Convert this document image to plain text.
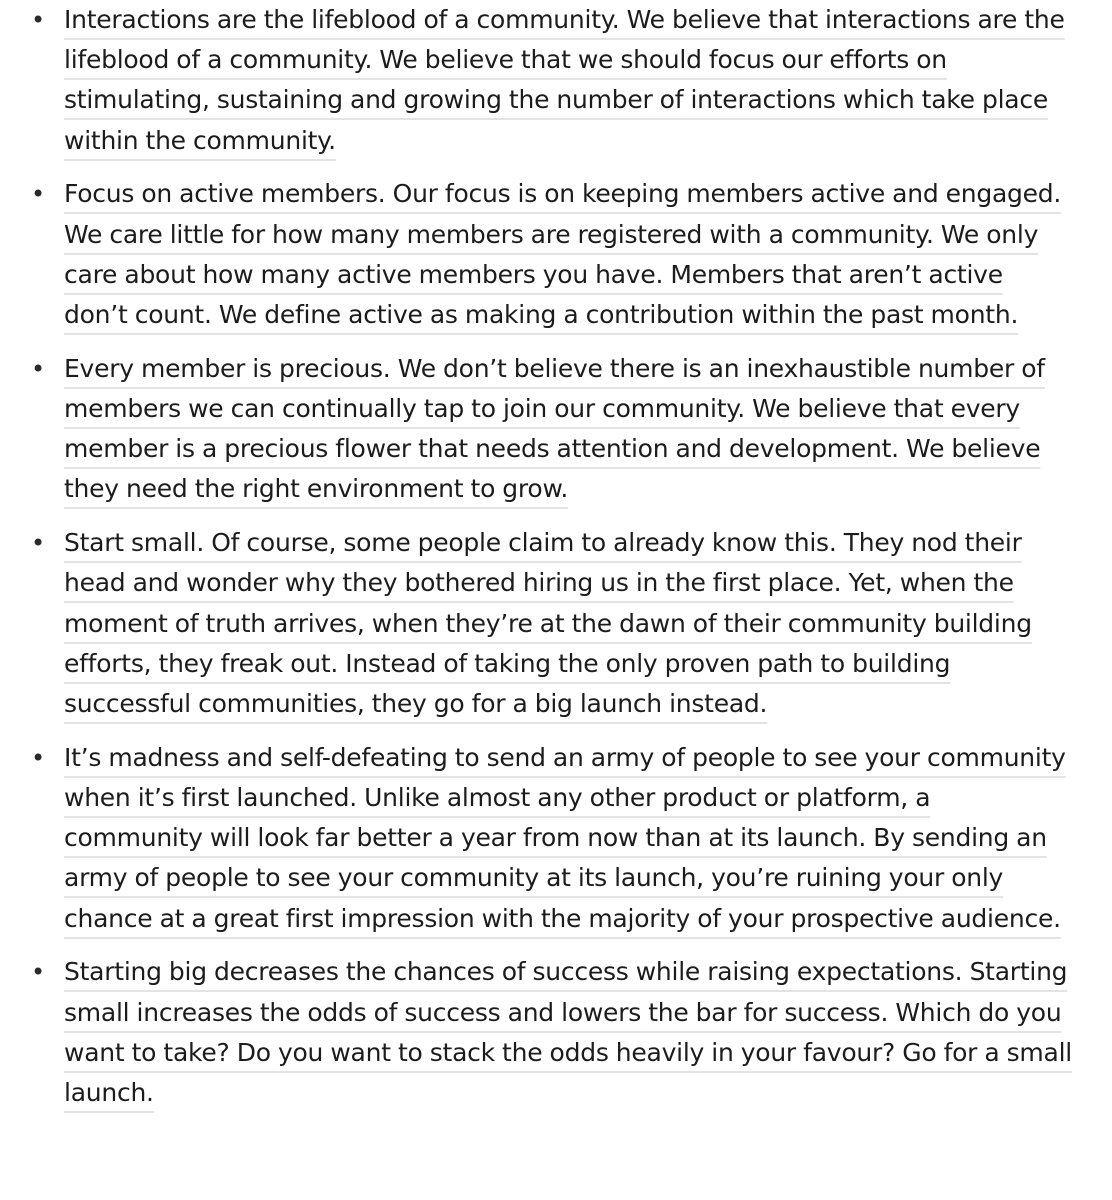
• Interactions are the lifeblood of a community. We believe that interactions are the lifeblood of a community. We believe that we should focus our efforts on stimulating, sustaining and growing the number of interactions which take place within the community.
• Focus on active members. Our focus is on keeping members active and engaged. We care little for how many members are registered with a community. We only care about how many active members you have. Members that aren’t active don’t count. We define active as making a contribution within the past month.
• Every member is precious. We don’t believe there is an inexhaustible number of members we can continually tap to join our community. We believe that every member is a precious flower that needs attention and development. We believe they need the right environment to grow.
• Start small. Of course, some people claim to already know this. They nod their head and wonder why they bothered hiring us in the first place. Yet, when the moment of truth arrives, when they’re at the dawn of their community building efforts, they freak out. Instead of taking the only proven path to building successful communities, they go for a big launch instead.
• It’s madness and self-defeating to send an army of people to see your community when it’s first launched. Unlike almost any other product or platform, a community will look far better a year from now than at its launch. By sending an army of people to see your community at its launch, you’re ruining your only chance at a great first impression with the majority of your prospective audience.
• Starting big decreases the chances of success while raising expectations. Starting small increases the odds of success and lowers the bar for success. Which do you want to take? Do you want to stack the odds heavily in your favour? Go for a small launch.
